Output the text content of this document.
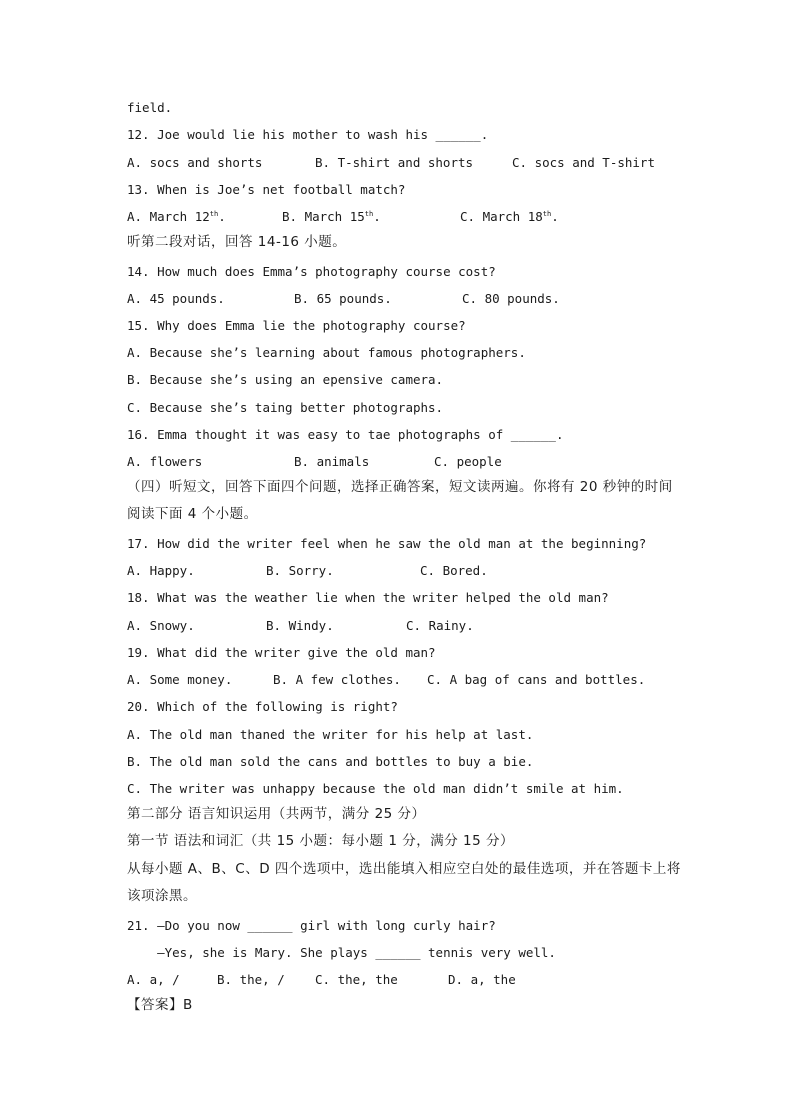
field.
12. Joe would lie his mother to wash his ______.

A. socs and shorts

	B. T-shirt and shorts

	C. socs and T-shirt

13. When is Joe’s net football match?

A. March 12th.

	B. March 15th.

	C. March 18th.

听第二段对话，回答 14-16 小题。
14. How much does Emma’s photography course cost?

A. 45 pounds.

	B. 65 pounds.

	C. 80 pounds.

15. Why does Emma lie the photography course?
A. Because she’s learning about famous photographers.
B. Because she’s using an epensive camera.
C. Because she’s taing better photographs.
16. Emma thought it was easy to tae photographs of ______.

A. flowers

	B. animals

	C. people

（四）听短文，回答下面四个问题，选择正确答案，短文读两遍。你将有 20 秒钟的时间
阅读下面 4 个小题。
17. How did the writer feel when he saw the old man at the beginning?

A. Happy.

	B. Sorry.

	C. Bored.

18. What was the weather lie when the writer helped the old man?

A. Snowy.

	B. Windy.

	C. Rainy.

19. What did the writer give the old man?

A. Some money.

	B. A few clothes.

C. A bag of cans and bottles.

20. Which of the following is right?
A. The old man thaned the writer for his help at last.
B. The old man sold the cans and bottles to buy a bie.
C. The writer was unhappy because the old man didn’t smile at him.
第二部分 语言知识运用（共两节，满分 25 分）
第一节 语法和词汇（共 15 小题：每小题 1 分，满分 15 分）
从每小题 A、B、C、D 四个选项中，选出能填入相应空白处的最佳选项，并在答题卡上将
该项涂黑。
21. –Do you now ______ girl with long curly hair?
—Yes, she is Mary. She plays ______ tennis very well.

A. a, /

	B. the, /

C. the, the

	D. a, the

【答案】B
